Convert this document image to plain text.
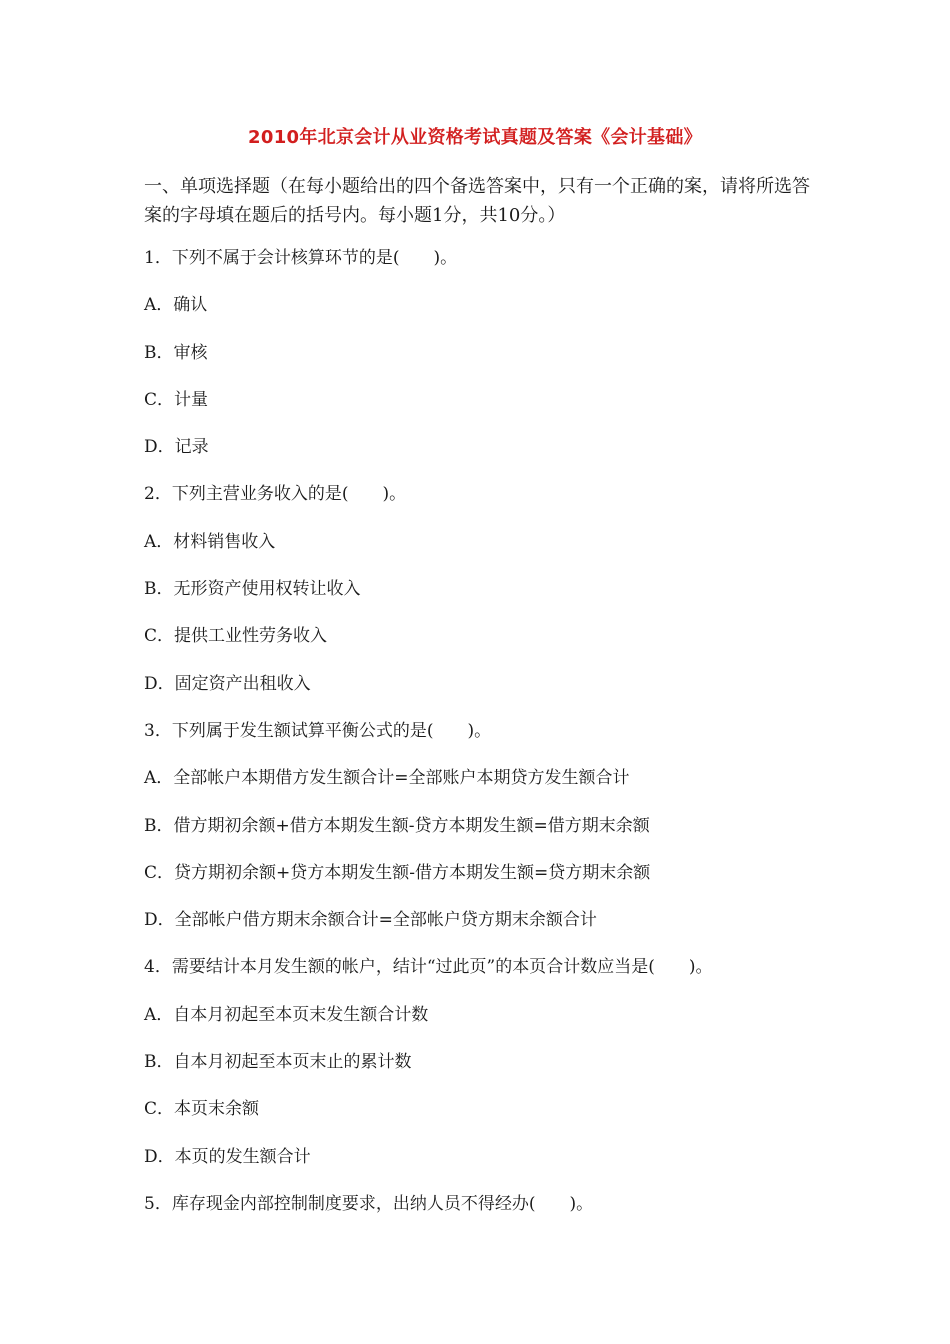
2010年北京会计从业资格考试真题及答案《会计基础》
一、单项选择题（在每小题给出的四个备选答案中，只有一个正确的案，请将所选答案的字母填在题后的括号内。每小题1分，共10分。）
1．下列不属于会计核算环节的是(　　)。
A．确认
B．审核
C．计量
D．记录
2．下列主营业务收入的是(　　)。
A．材料销售收入
B．无形资产使用权转让收入
C．提供工业性劳务收入
D．固定资产出租收入
3．下列属于发生额试算平衡公式的是(　　)。
A．全部帐户本期借方发生额合计=全部账户本期贷方发生额合计
B．借方期初余额+借方本期发生额-贷方本期发生额=借方期末余额
C．贷方期初余额+贷方本期发生额-借方本期发生额=贷方期末余额
D．全部帐户借方期末余额合计=全部帐户贷方期末余额合计
4．需要结计本月发生额的帐户，结计“过此页”的本页合计数应当是(　　)。
A．自本月初起至本页末发生额合计数
B．自本月初起至本页末止的累计数
C．本页末余额
D．本页的发生额合计
5．库存现金内部控制制度要求，出纳人员不得经办(　　)。
